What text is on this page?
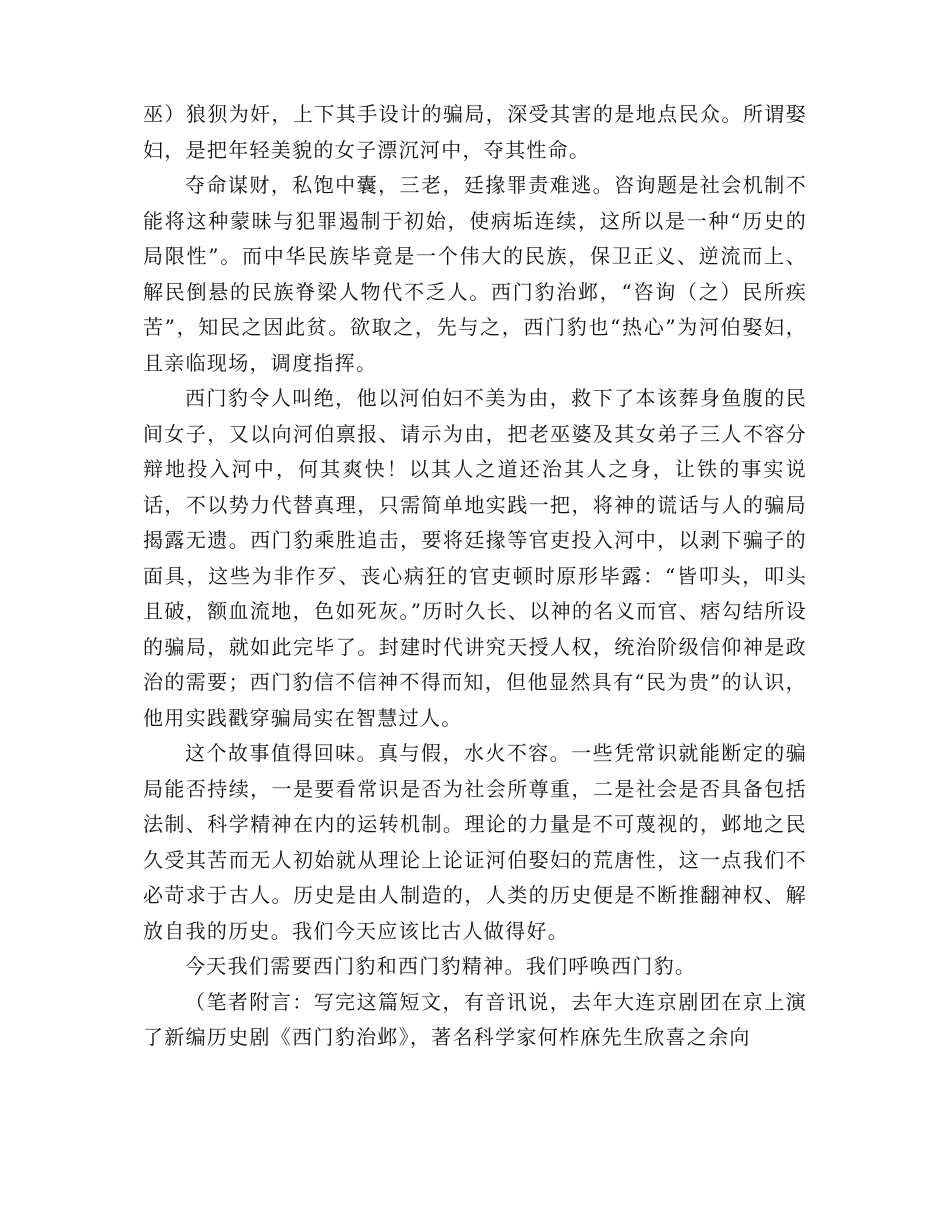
巫）狼狈为奸，上下其手设计的骗局，深受其害的是地点民众。所谓娶妇，是把年轻美貌的女子漂沉河中，夺其性命。

夺命谋财，私饱中囊，三老，廷掾罪责难逃。咨询题是社会机制不能将这种蒙昧与犯罪遏制于初始，使病垢连续，这所以是一种“历史的局限性”。而中华民族毕竟是一个伟大的民族，保卫正义、逆流而上、解民倒悬的民族脊梁人物代不乏人。西门豹治邺，“咨询（之）民所疾苦”，知民之因此贫。欲取之，先与之，西门豹也“热心”为河伯娶妇，且亲临现场，调度指挥。

西门豹令人叫绝，他以河伯妇不美为由，救下了本该葬身鱼腹的民间女子，又以向河伯禀报、请示为由，把老巫婆及其女弟子三人不容分辩地投入河中，何其爽快！以其人之道还治其人之身，让铁的事实说话，不以势力代替真理，只需简单地实践一把，将神的谎话与人的骗局揭露无遗。西门豹乘胜追击，要将廷掾等官吏投入河中，以剥下骗子的面具，这些为非作歹、丧心病狂的官吏顿时原形毕露：“皆叩头，叩头且破，额血流地，色如死灰。”历时久长、以神的名义而官、痞勾结所设的骗局，就如此完毕了。封建时代讲究天授人权，统治阶级信仰神是政治的需要；西门豹信不信神不得而知，但他显然具有“民为贵”的认识，他用实践戳穿骗局实在智慧过人。

这个故事值得回味。真与假，水火不容。一些凭常识就能断定的骗局能否持续，一是要看常识是否为社会所尊重，二是社会是否具备包括法制、科学精神在内的运转机制。理论的力量是不可蔑视的，邺地之民久受其苦而无人初始就从理论上论证河伯娶妇的荒唐性，这一点我们不必苛求于古人。历史是由人制造的，人类的历史便是不断推翻神权、解放自我的历史。我们今天应该比古人做得好。

今天我们需要西门豹和西门豹精神。我们呼唤西门豹。

（笔者附言：写完这篇短文，有音讯说，去年大连京剧团在京上演了新编历史剧《西门豹治邺》，著名科学家何柞庥先生欣喜之余向
